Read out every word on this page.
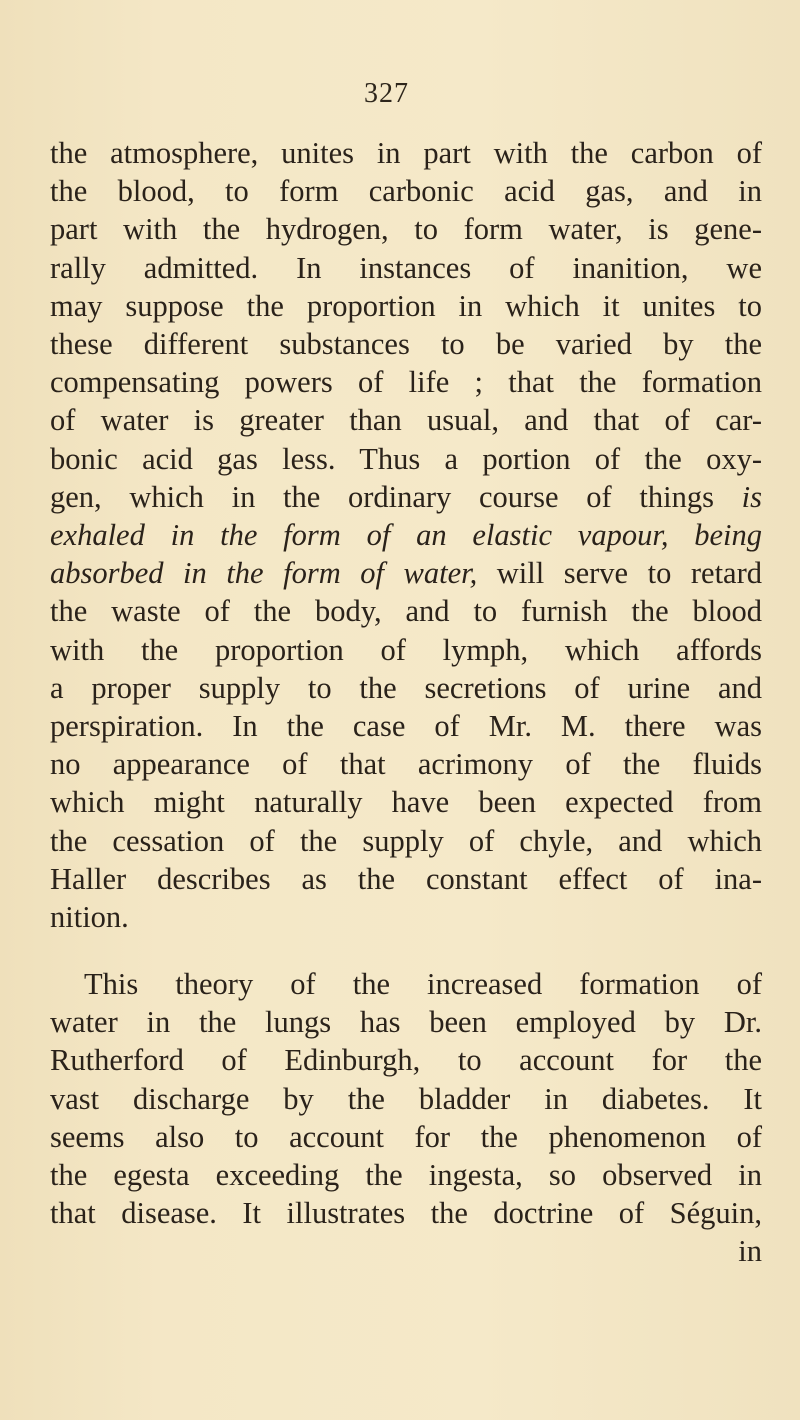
327
the atmosphere, unites in part with the carbon of
the blood, to form carbonic acid gas, and in
part with the hydrogen, to form water, is gene-
rally admitted. In instances of inanition, we
may suppose the proportion in which it unites to
these different substances to be varied by the
compensating powers of life ; that the formation
of water is greater than usual, and that of car-
bonic acid gas less. Thus a portion of the oxy-
gen, which in the ordinary course of things is
exhaled in the form of an elastic vapour, being
absorbed in the form of water, will serve to retard
the waste of the body, and to furnish the blood
with the proportion of lymph, which affords
a proper supply to the secretions of urine and
perspiration. In the case of Mr. M. there was
no appearance of that acrimony of the fluids
which might naturally have been expected from
the cessation of the supply of chyle, and which
Haller describes as the constant effect of ina-
nition.
This theory of the increased formation of
water in the lungs has been employed by Dr.
Rutherford of Edinburgh, to account for the
vast discharge by the bladder in diabetes. It
seems also to account for the phenomenon of
the egesta exceeding the ingesta, so observed in
that disease. It illustrates the doctrine of Séguin,
in
